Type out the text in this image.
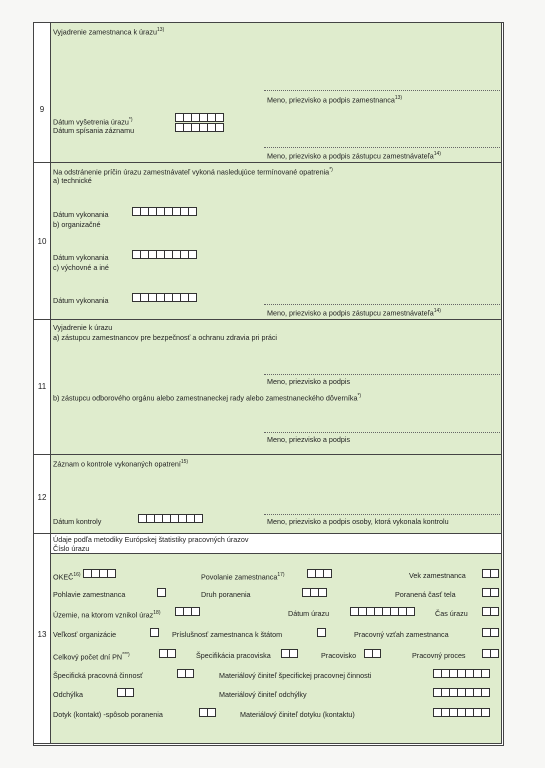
9
Vyjadrenie zamestnanca k úrazu$^{13)}$
Meno, priezvisko a podpis zamestnanca$^{13)}$
Dátum vyšetrenia úrazu*)
Dátum spísania záznamu
Meno, priezvisko a podpis zástupcu zamestnávateľa$^{14)}$
10
Na odstránenie príčin úrazu zamestnávateľ vykoná nasledujúce termínované opatrenia*)
a) technické
Dátum vykonania
b) organizačné
Dátum vykonania
c) výchovné a iné
Dátum vykonania
Meno, priezvisko a podpis zástupcu zamestnávateľa$^{14)}$
11
Vyjadrenie k úrazu
a) zástupcu zamestnancov pre bezpečnosť a ochranu zdravia pri práci
Meno, priezvisko a podpis
b) zástupcu odborového orgánu alebo zamestnaneckej rady alebo zamestnaneckého dôverníka*)
Meno, priezvisko a podpis
12
Záznam o kontrole vykonaných opatrení$^{15)}$
Dátum kontroly	Meno, priezvisko a podpis osoby, ktorá vykonala kontrolu
13
Údaje podľa metodiky Európskej štatistiky pracovných úrazov
Číslo úrazu
OKEČ$^{16)}$	Povolanie zamestnanca$^{17)}$	Vek zamestnanca
Pohlavie zamestnanca	Druh poranenia	Poranená časť tela
Územie, na ktorom vznikol úraz$^{18)}$	Dátum úrazu	Čas úrazu
Veľkosť organizácie	Príslušnosť zamestnanca k štátom	Pracovný vzťah zamestnanca
Celkový počet dní PN***)	Špecifikácia pracoviska	Pracovisko	Pracovný proces
Špecifická pracovná činnosť	Materiálový činiteľ špecifickej pracovnej činnosti
Odchýlka	Materiálový činiteľ odchýlky
Dotyk (kontakt) -spôsob poranenia	Materiálový činiteľ dotyku (kontaktu)
